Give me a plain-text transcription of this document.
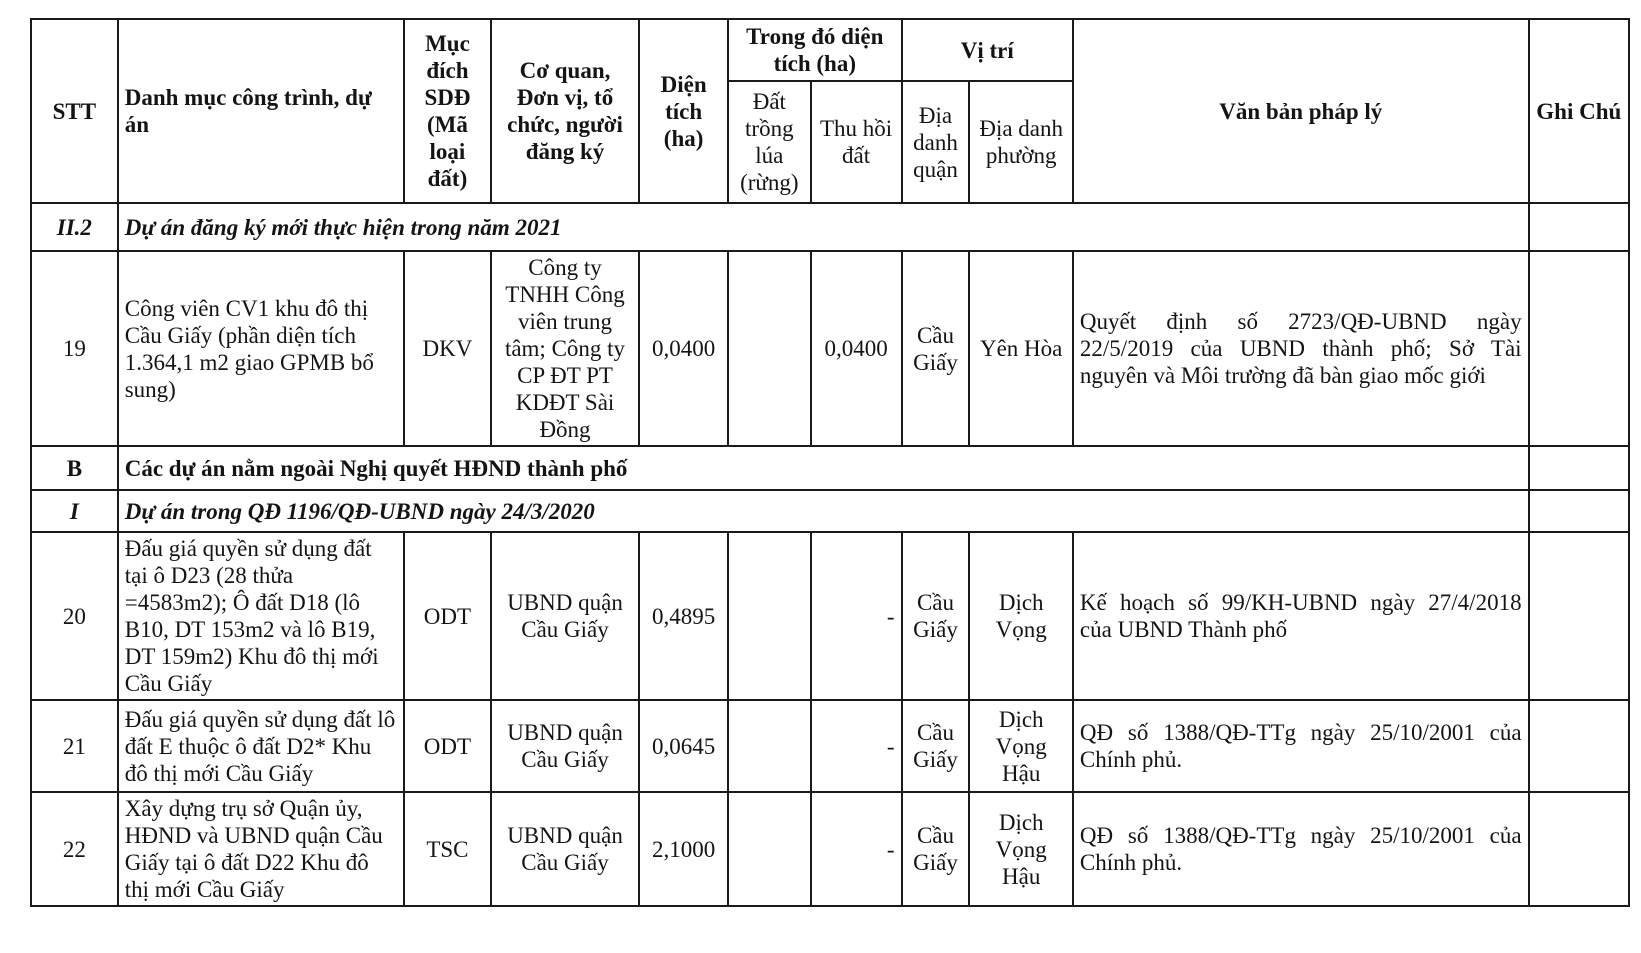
STT	Danh mục công trình, dự án	Mục đích SDĐ (Mã loại đất)	Cơ quan, Đơn vị, tổ chức, người đăng ký	Diện tích (ha)	Trong đó diện tích (ha)		Vị trí		Văn bản pháp lý	Ghi Chú
					Đất trồng lúa (rừng)	Thu hồi đất	Địa danh quận	Địa danh phường		
II.2	Dự án đăng ký mới thực hiện trong năm 2021									
19	Công viên CV1 khu đô thị Cầu Giấy (phần diện tích 1.364,1 m2 giao GPMB bổ sung)	DKV	Công ty TNHH Công viên trung tâm; Công ty CP ĐT PT KDĐT Sài Đồng	0,0400		0,0400	Cầu Giấy	Yên Hòa	Quyết định số 2723/QĐ-UBND ngày 22/5/2019 của UBND thành phố; Sở Tài nguyên và Môi trường đã bàn giao mốc giới	
B	Các dự án nằm ngoài Nghị quyết HĐND thành phố									
I	Dự án trong QĐ 1196/QĐ-UBND ngày 24/3/2020									
20	Đấu giá quyền sử dụng đất tại ô D23 (28 thửa =4583m2); Ô đất D18 (lô B10, DT 153m2 và lô B19, DT 159m2) Khu đô thị mới Cầu Giấy	ODT	UBND quận Cầu Giấy	0,4895		-	Cầu Giấy	Dịch Vọng	Kế hoạch số 99/KH-UBND ngày 27/4/2018 của UBND Thành phố	
21	Đấu giá quyền sử dụng đất lô đất E thuộc ô đất D2* Khu đô thị mới Cầu Giấy	ODT	UBND quận Cầu Giấy	0,0645		-	Cầu Giấy	Dịch Vọng Hậu	QĐ số 1388/QĐ-TTg ngày 25/10/2001 của Chính phủ.	
22	Xây dựng trụ sở Quận ủy, HĐND và UBND quận Cầu Giấy tại ô đất D22 Khu đô thị mới Cầu Giấy	TSC	UBND quận Cầu Giấy	2,1000		-	Cầu Giấy	Dịch Vọng Hậu	QĐ số 1388/QĐ-TTg ngày 25/10/2001 của Chính phủ.	
